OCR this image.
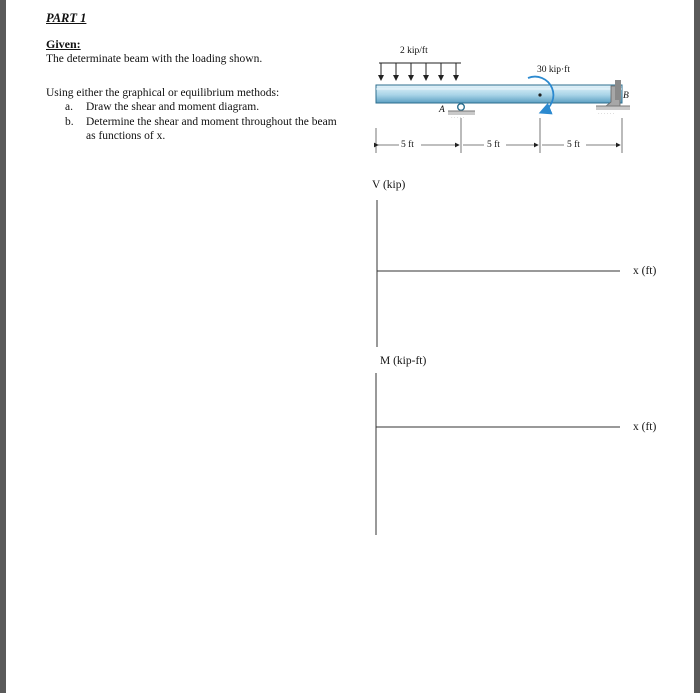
PART 1
Given:
The determinate beam with the loading shown.
Using either the graphical or equilibrium methods:
a. Draw the shear and moment diagram.
b. Determine the shear and moment throughout the beam
as functions of x.
· · · · ·
· · · · · ·
2 kip/ft
30 kip·ft
A
B
5 ft	5 ft	5 ft
V (kip)
x (ft)
M (kip-ft)
x (ft)
